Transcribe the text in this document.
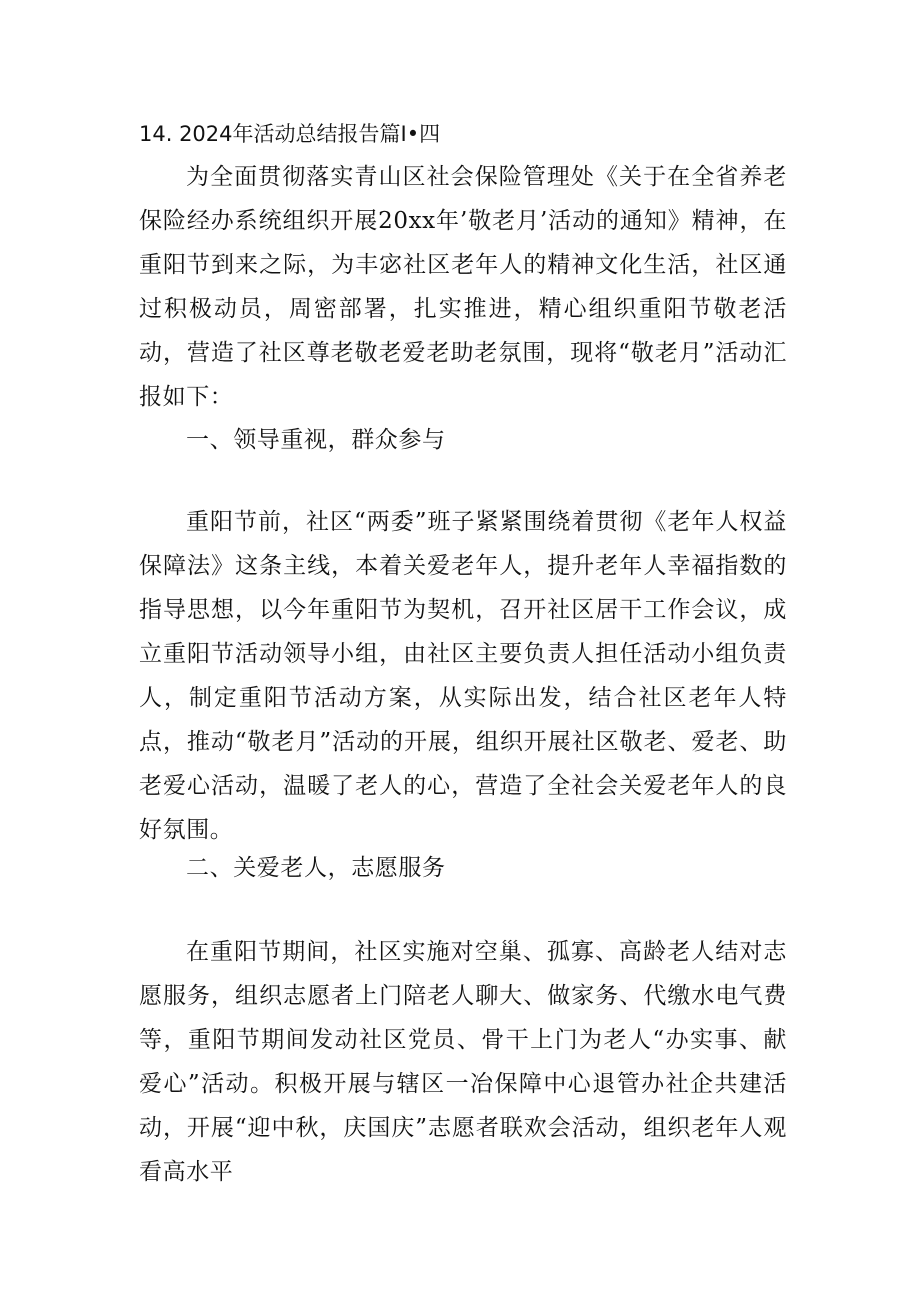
14. 2024年活动总结报告篇Ⅰ•四

为全面贯彻落实青山区社会保险管理处《关于在全省养老保险经办系统组织开展20xx年’敬老月’活动的通知》精神，在重阳节到来之际，为丰宓社区老年人的精神文化生活，社区通过积极动员，周密部署，扎实推进，精心组织重阳节敬老活动，营造了社区尊老敬老爱老助老氛围，现将“敬老月”活动汇报如下：

一、领导重视，群众参与

重阳节前，社区“两委”班子紧紧围绕着贯彻《老年人权益保障法》这条主线，本着关爱老年人，提升老年人幸福指数的指导思想，以今年重阳节为契机，召开社区居干工作会议，成立重阳节活动领导小组，由社区主要负责人担任活动小组负责人，制定重阳节活动方案，从实际出发，结合社区老年人特点，推动“敬老月”活动的开展，组织开展社区敬老、爱老、助老爱心活动，温暖了老人的心，营造了全社会关爱老年人的良好氛围。

二、关爱老人，志愿服务

在重阳节期间，社区实施对空巢、孤寡、高龄老人结对志愿服务，组织志愿者上门陪老人聊大、做家务、代缴水电气费等，重阳节期间发动社区党员、骨干上门为老人“办实事、献爱心”活动。积极开展与辖区一冶保障中心退管办社企共建活动，开展“迎中秋，庆国庆”志愿者联欢会活动，组织老年人观看高水平
